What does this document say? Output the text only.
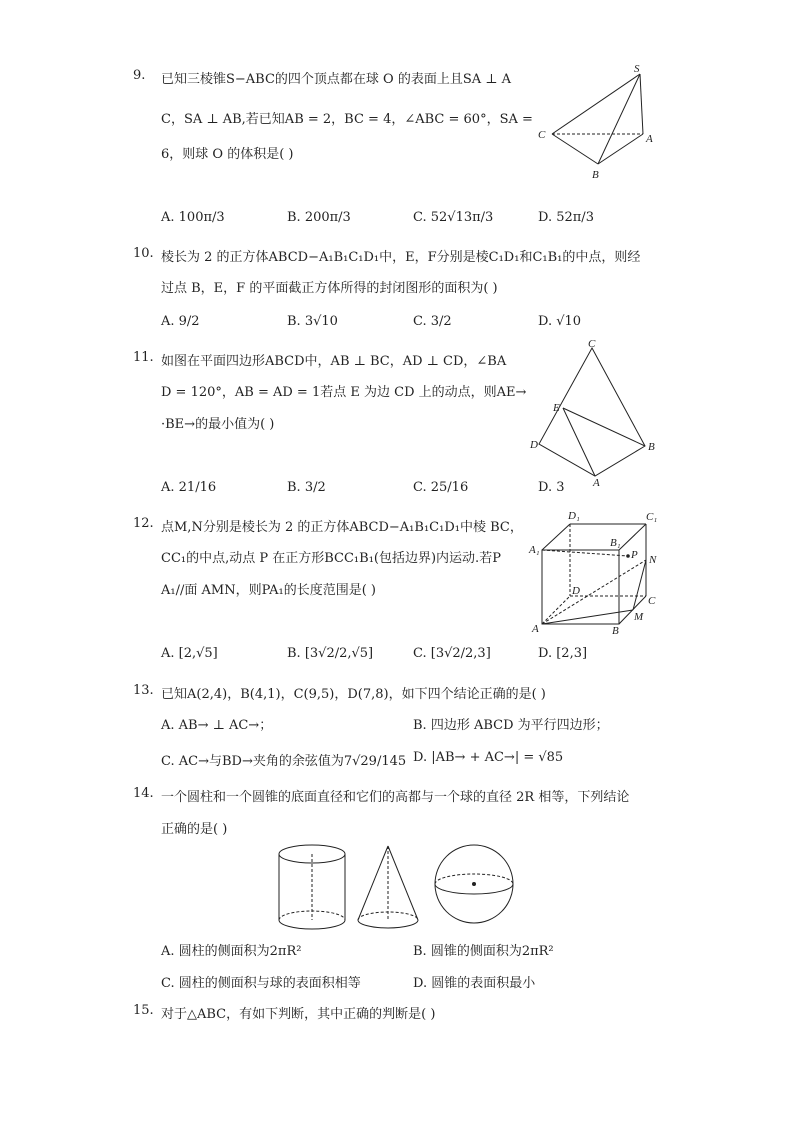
9. 已知三棱锥S−ABC的四个顶点都在球 O 的表面上且SA ⊥ A
C，SA ⊥ AB,若已知AB = 2，BC = 4，∠ABC = 60°，SA =
6，则球 O 的体积是( )
A. 100π/3	B. 200π/3	C. 52√13π/3	D. 52π/3
S
C	A
B
10. 棱长为 2 的正方体ABCD−A₁B₁C₁D₁中，E，F分别是棱C₁D₁和C₁B₁的中点，则经
过点 B，E，F 的平面截正方体所得的封闭图形的面积为( )
A. 9/2	B. 3√10	C. 3/2	D. √10
11. 如图在平面四边形ABCD中，AB ⊥ BC，AD ⊥ CD，∠BA
D = 120°，AB = AD = 1若点 E 为边 CD 上的动点，则AE→
·BE→的最小值为( )
A. 21/16	B. 3/2	C. 25/16	D. 3
C
E
D	B
A
12. 点M,N分别是棱长为 2 的正方体ABCD−A₁B₁C₁D₁中棱 BC，
CC₁的中点,动点 P 在正方形BCC₁B₁(包括边界)内运动.若P
A₁//面 AMN，则PA₁的长度范围是( )
A. [2,√5]	B. [3√2/2,√5]	C. [3√2/2,3]	D. [2,3]
D₁	C₁
A₁
B₁
P N
D
C
M
A	B
13. 已知A(2,4)，B(4,1)，C(9,5)，D(7,8)，如下四个结论正确的是( )
A. AB→ ⊥ AC→；	B. 四边形 ABCD 为平行四边形；
C. AC→与BD→夹角的余弦值为7√29/145 D. |AB→ + AC→| = √85
14. 一个圆柱和一个圆锥的底面直径和它们的高都与一个球的直径 2R 相等，下列结论
正确的是( )
A. 圆柱的侧面积为2πR²	B. 圆锥的侧面积为2πR²
C. 圆柱的侧面积与球的表面积相等	D. 圆锥的表面积最小
15. 对于△ABC，有如下判断，其中正确的判断是( )
